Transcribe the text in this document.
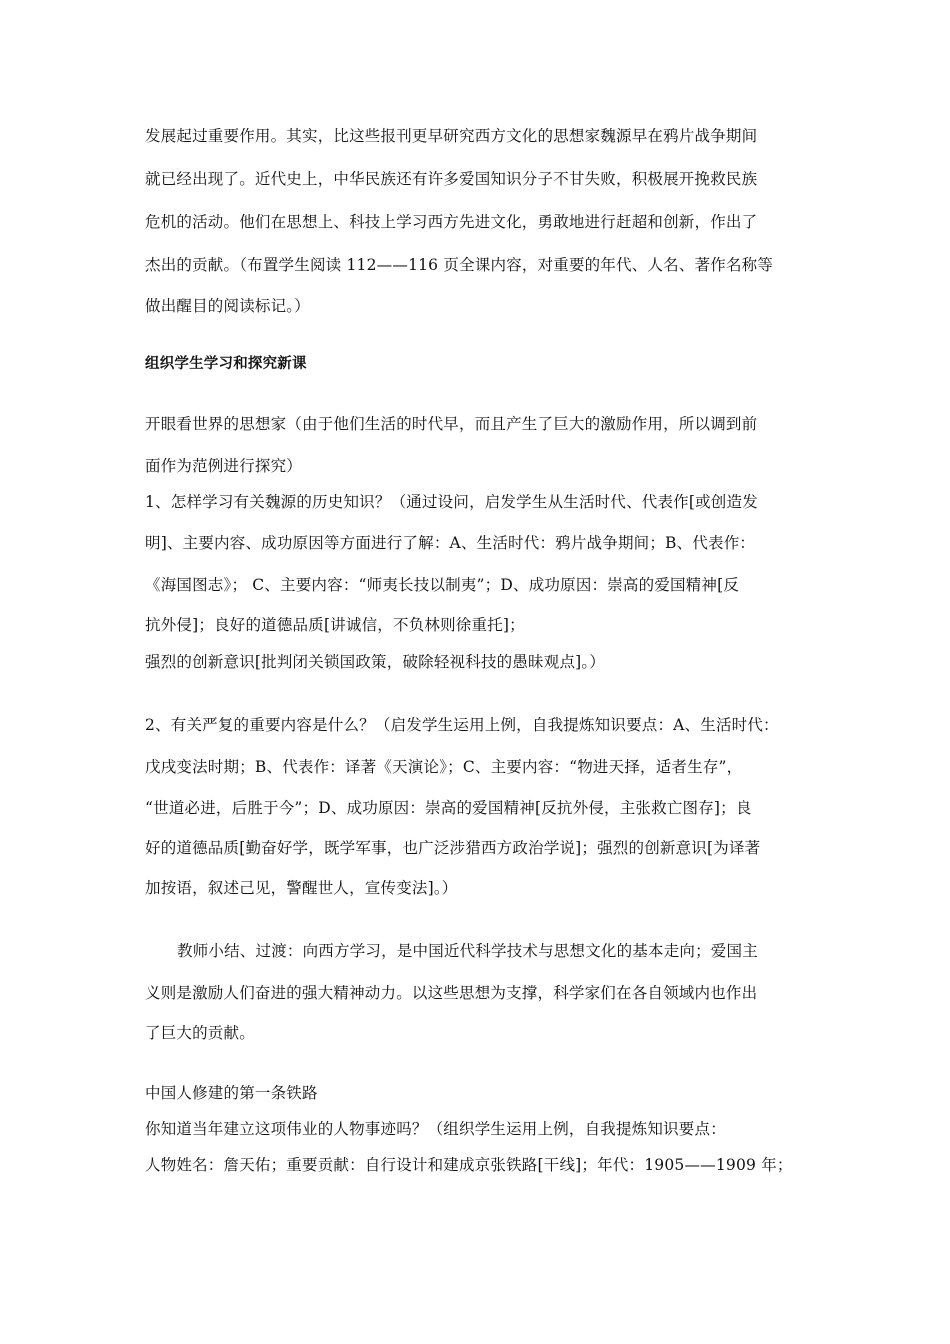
发展起过重要作用。其实，比这些报刊更早研究西方文化的思想家魏源早在鸦片战争期间
就已经出现了。近代史上，中华民族还有许多爱国知识分子不甘失败，积极展开挽救民族
危机的活动。他们在思想上、科技上学习西方先进文化，勇敢地进行赶超和创新，作出了
杰出的贡献。（布置学生阅读 112——116 页全课内容，对重要的年代、人名、著作名称等
做出醒目的阅读标记。）
组织学生学习和探究新课
开眼看世界的思想家（由于他们生活的时代早，而且产生了巨大的激励作用，所以调到前
面作为范例进行探究）
1、怎样学习有关魏源的历史知识？（通过设问，启发学生从生活时代、代表作[或创造发
明]、主要内容、成功原因等方面进行了解：A、生活时代：鸦片战争期间；B、代表作：
《海国图志》； C、主要内容：“师夷长技以制夷”；D、成功原因：崇高的爱国精神[反
抗外侵]；良好的道德品质[讲诚信，不负林则徐重托]；
强烈的创新意识[批判闭关锁国政策，破除轻视科技的愚昧观点]。）
2、有关严复的重要内容是什么？（启发学生运用上例，自我提炼知识要点：A、生活时代：
戊戌变法时期；B、代表作：译著《天演论》；C、主要内容：“物进天择，适者生存”，
“世道必进，后胜于今”；D、成功原因：崇高的爱国精神[反抗外侵，主张救亡图存]；良
好的道德品质[勤奋好学，既学军事，也广泛涉猎西方政治学说]；强烈的创新意识[为译著
加按语，叙述己见，警醒世人，宣传变法]。）
教师小结、过渡：向西方学习，是中国近代科学技术与思想文化的基本走向；爱国主
义则是激励人们奋进的强大精神动力。以这些思想为支撑，科学家们在各自领域内也作出
了巨大的贡献。
中国人修建的第一条铁路
你知道当年建立这项伟业的人物事迹吗？（组织学生运用上例，自我提炼知识要点：
人物姓名：詹天佑；重要贡献：自行设计和建成京张铁路[干线]；年代：1905——1909 年；
